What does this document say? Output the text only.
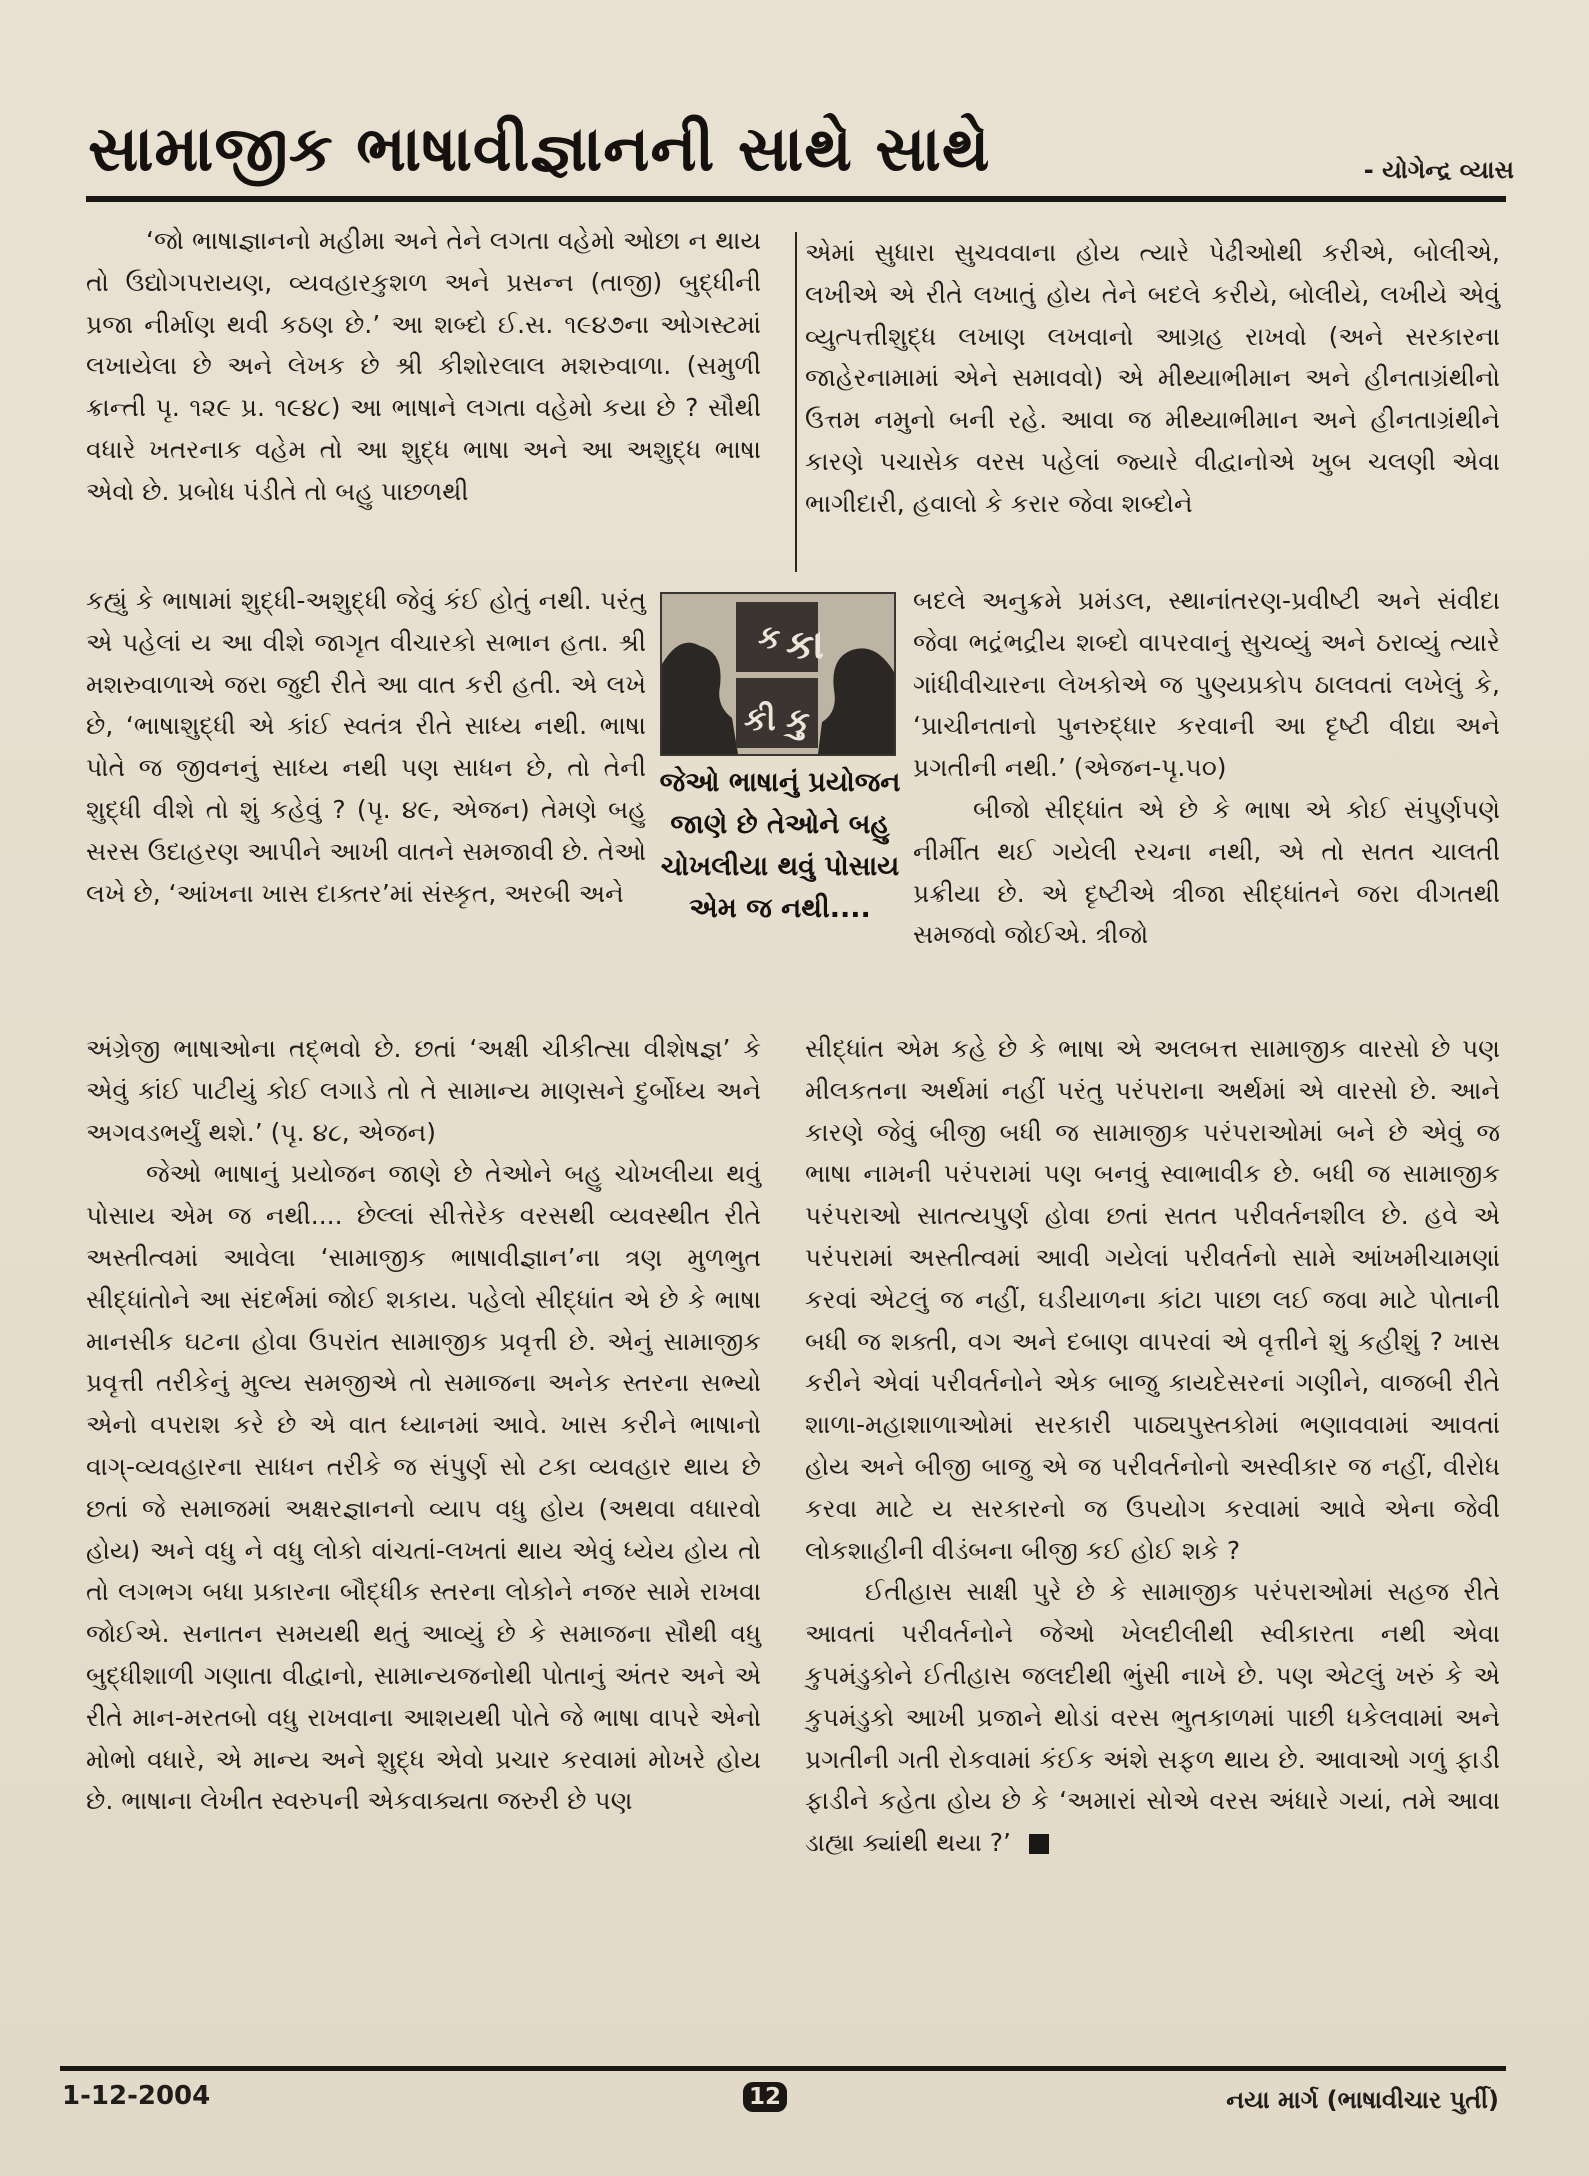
સામાજીક ભાષાવીજ્ઞાનની સાથે સાથે	- યોગેન્દ્ર વ્યાસ

‘જો ભાષાજ્ઞાનનો મહીમા અને તેને લગતા વહેમો ઓછા ન થાય તો ઉદ્યોગપરાયણ, વ્યવહારકુશળ અને પ્રસન્ન (તાજી) બુદ્ધીની પ્રજા નીર્માણ થવી કઠણ છે.’ આ શબ્દો ઈ.સ. ૧૯૪૭ના ઓગસ્ટમાં લખાયેલા છે અને લેખક છે શ્રી કીશોરલાલ મશરુવાળા. (સમુળી ક્રાન્તી પૃ. ૧૨૯ પ્ર. ૧૯૪૮) આ ભાષાને લગતા વહેમો કયા છે ? સૌથી વધારે ખતરનાક વહેમ તો આ શુદ્ધ ભાષા અને આ અશુદ્ધ ભાષા એવો છે. પ્રબોધ પંડીતે તો બહુ પાછળથી

કહ્યું કે ભાષામાં શુદ્ધી-અશુદ્ધી જેવું કંઈ હોતું નથી. પરંતુ એ પહેલાં ય આ વીશે જાગૃત વીચારકો સભાન હતા. શ્રી મશરુવાળાએ જરા જુદી રીતે આ વાત કરી હતી. એ લખે છે, ‘ભાષાશુદ્ધી એ કાંઈ સ્વતંત્ર રીતે સાધ્ય નથી. ભાષા પોતે જ જીવનનું સાધ્ય નથી પણ સાધન છે, તો તેની શુદ્ધી વીશે તો શું કહેવું ? (પૃ. ૪૯, એજન) તેમણે બહુ સરસ ઉદાહરણ આપીને આખી વાતને સમજાવી છે. તેઓ લખે છે, ‘આંખના ખાસ દાક્તર’માં સંસ્કૃત, અરબી અને

અંગ્રેજી ભાષાઓના તદ્ભવો છે. છતાં ‘અક્ષી ચીકીત્સા વીશેષજ્ઞ’ કે એવું કાંઈ પાટીયું કોઈ લગાડે તો તે સામાન્ય માણસને દુર્બોધ્ય અને અગવડભર્યું થશે.’ (પૃ. ૪૮, એજન)

જેઓ ભાષાનું પ્રયોજન જાણે છે તેઓને બહુ ચોખલીયા થવું પોસાય એમ જ નથી.... છેલ્લાં સીત્તેરેક વરસથી વ્યવસ્થીત રીતે અસ્તીત્વમાં આવેલા ‘સામાજીક ભાષાવીજ્ઞાન’ના ત્રણ મુળભુત સીદ્ધાંતોને આ સંદર્ભમાં જોઈ શકાય. પહેલો સીદ્ધાંત એ છે કે ભાષા માનસીક ઘટના હોવા ઉપરાંત સામાજીક પ્રવૃત્તી છે. એનું સામાજીક પ્રવૃત્તી તરીકેનું મુલ્ય સમજીએ તો સમાજના અનેક સ્તરના સભ્યો એનો વપરાશ કરે છે એ વાત ધ્યાનમાં આવે. ખાસ કરીને ભાષાનો વાગ્-વ્યવહારના સાધન તરીકે જ સંપુર્ણ સો ટકા વ્યવહાર થાય છે છતાં જે સમાજમાં અક્ષરજ્ઞાનનો વ્યાપ વધુ હોય (અથવા વધારવો હોય) અને વધુ ને વધુ લોકો વાંચતાં-લખતાં થાય એવું ધ્યેય હોય તો તો લગભગ બધા પ્રકારના બૌદ્ધીક સ્તરના લોકોને નજર સામે રાખવા જોઈએ. સનાતન સમયથી થતું આવ્યું છે કે સમાજના સૌથી વધુ બુદ્ધીશાળી ગણાતા વીદ્વાનો, સામાન્યજનોથી પોતાનું અંતર અને એ રીતે માન-મરતબો વધુ રાખવાના આશયથી પોતે જે ભાષા વાપરે એનો મોભો વધારે, એ માન્ય અને શુદ્ધ એવો પ્રચાર કરવામાં મોખરે હોય છે. ભાષાના લેખીત સ્વરુપની એકવાક્યતા જરુરી છે પણ

ક કા
કી કુ
જેઓ ભાષાનું પ્રયોજન જાણે છે તેઓને બહુ ચોખલીયા થવું પોસાય એમ જ નથી....

એમાં સુધારા સુચવવાના હોય ત્યારે પેઢીઓથી કરીએ, બોલીએ, લખીએ એ રીતે લખાતું હોય તેને બદલે કરીયે, બોલીયે, લખીયે એવું વ્યુત્પત્તીશુદ્ધ લખાણ લખવાનો આગ્રહ રાખવો (અને સરકારના જાહેરનામામાં એને સમાવવો) એ મીથ્યાભીમાન અને હીનતાગ્રંથીનો ઉત્તમ નમુનો બની રહે. આવા જ મીથ્યાભીમાન અને હીનતાગ્રંથીને કારણે પચાસેક વરસ પહેલાં જ્યારે વીદ્વાનોએ ખુબ ચલણી એવા ભાગીદારી, હવાલો કે કરાર જેવા શબ્દોને

બદલે અનુક્રમે પ્રમંડલ, સ્થાનાંતરણ-પ્રવીષ્ટી અને સંવીદા જેવા ભદ્રંભદ્રીય શબ્દો વાપરવાનું સુચવ્યું અને ઠરાવ્યું ત્યારે ગાંધીવીચારના લેખકોએ જ પુણ્યપ્રકોપ ઠાલવતાં લખેલું કે, ‘પ્રાચીનતાનો પુનરુદ્ધાર કરવાની આ દૃષ્ટી વીદ્યા અને પ્રગતીની નથી.’ (એજન-પૃ.૫૦)

બીજો સીદ્ધાંત એ છે કે ભાષા એ કોઈ સંપુર્ણપણે નીર્મીત થઈ ગયેલી રચના નથી, એ તો સતત ચાલતી પ્રક્રીયા છે. એ દૃષ્ટીએ ત્રીજા સીદ્ધાંતને જરા વીગતથી સમજવો જોઈએ. ત્રીજો

સીદ્ધાંત એમ કહે છે કે ભાષા એ અલબત્ત સામાજીક વારસો છે પણ મીલકતના અર્થમાં નહીં પરંતુ પરંપરાના અર્થમાં એ વારસો છે. આને કારણે જેવું બીજી બધી જ સામાજીક પરંપરાઓમાં બને છે એવું જ ભાષા નામની પરંપરામાં પણ બનવું સ્વાભાવીક છે. બધી જ સામાજીક પરંપરાઓ સાતત્યપુર્ણ હોવા છતાં સતત પરીવર્તનશીલ છે. હવે એ પરંપરામાં અસ્તીત્વમાં આવી ગયેલાં પરીવર્તનો સામે આંખમીચામણાં કરવાં એટલું જ નહીં, ઘડીયાળના કાંટા પાછા લઈ જવા માટે પોતાની બધી જ શક્તી, વગ અને દબાણ વાપરવાં એ વૃત્તીને શું કહીશું ? ખાસ કરીને એવાં પરીવર્તનોને એક બાજુ કાયદેસરનાં ગણીને, વાજબી રીતે શાળા-મહાશાળાઓમાં સરકારી પાઠ્યપુસ્તકોમાં ભણાવવામાં આવતાં હોય અને બીજી બાજુ એ જ પરીવર્તનોનો અસ્વીકાર જ નહીં, વીરોધ કરવા માટે ય સરકારનો જ ઉપયોગ કરવામાં આવે એના જેવી લોકશાહીની વીડંબના બીજી કઈ હોઈ શકે ?

ઈતીહાસ સાક્ષી પુરે છે કે સામાજીક પરંપરાઓમાં સહજ રીતે આવતાં પરીવર્તનોને જેઓ ખેલદીલીથી સ્વીકારતા નથી એવા કુપમંડુકોને ઈતીહાસ જલદીથી ભુંસી નાખે છે. પણ એટલું ખરું કે એ કુપમંડુકો આખી પ્રજાને થોડાં વરસ ભુતકાળમાં પાછી ધકેલવામાં અને પ્રગતીની ગતી રોકવામાં કંઈક અંશે સફળ થાય છે. આવાઓ ગળું ફાડી ફાડીને કહેતા હોય છે કે ‘અમારાં સોએ વરસ અંધારે ગયાં, તમે આવા ડાહ્યા ક્યાંથી થયા ?’

1-12-2004	12	નયા માર્ગ (ભાષાવીચાર પુર્તી)
